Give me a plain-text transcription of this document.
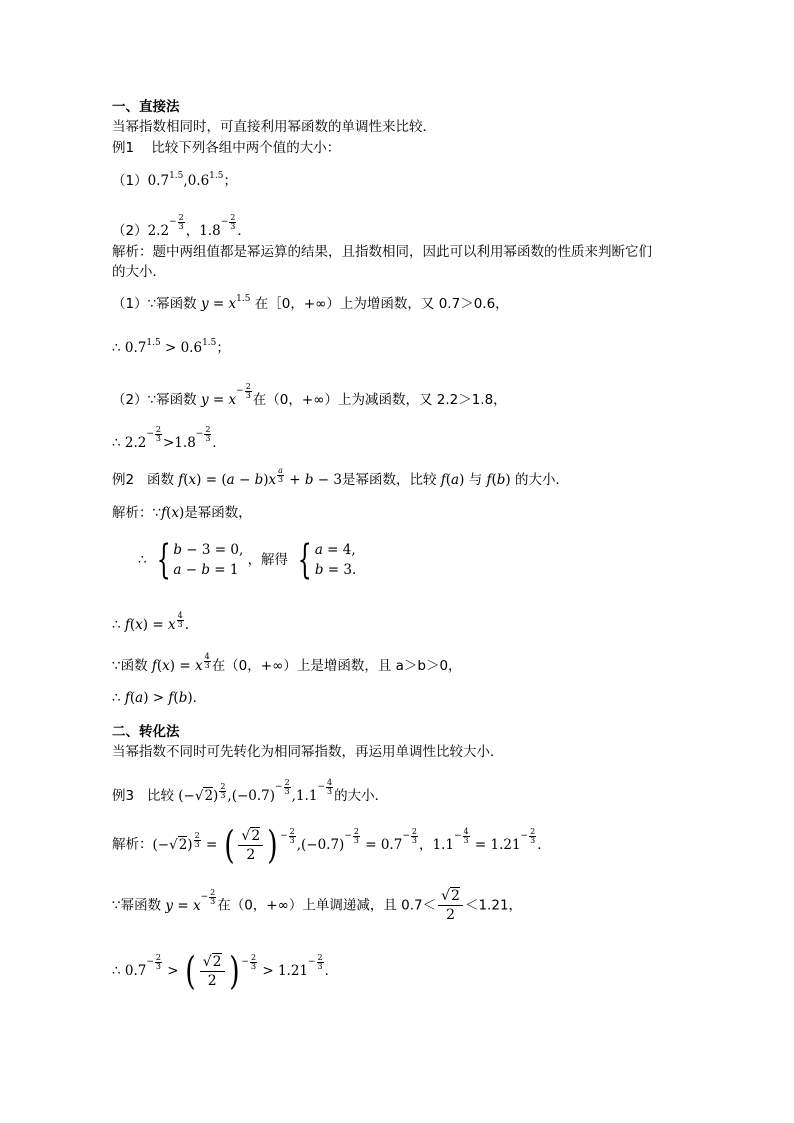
一、直接法
当幂指数相同时，可直接利用幂函数的单调性来比较．
例1 比较下列各组中两个值的大小：
$(1)0.7^{1.5},0.6^{1.5}$；
$(2)2.2- \frac{2}{3}$ ，$1.8- \frac{2}{3}$ ．
解析：题中两组值都是幂运算的结果，且指数相同，因此可以利用幂函数的性质来判断它们
的大小．
（1）∵幂函数 $y = x^{1.5}$ 在［0，+∞）上为增函数，又 0.7＞0.6，
∴ $0.7^{1.5} > 0.6^{1.5}$；
（2）∵幂函数 $y = x- \frac{2}{3}$ 在（0，+∞）上为减函数，又 2.2＞1.8，
∴ $2.2- \frac{2}{3} >1.8- \frac{2}{3}$ ．
例2 函数 $f(x) = (a - b)x \frac{a}{3} + b - 3$是幂函数，比较 f(a) 与 f(b) 的大小．
解析：∵f(x)是幂函数，
∴ { b − 3 = 0,
a − b = 1
，解得 { a = 4,
b = 3.
∴ f(x) = x $\frac{4}{3}$ ．
∵函数 f(x) = x $\frac{4}{3}$ 在（0，+∞）上是增函数，且 a＞b＞0，
∴ f(a) > f(b)．
二、转化法
当幂指数不同时可先转化为相同幂指数，再运用单调性比较大小．
例3 比较 $(-√2) \frac{2}{3} ,(-0.7)- \frac{2}{3} ,1.1- \frac{4}{3}$ 的大小．
解析：$(-√2) \frac{2}{3}$ = ( $\frac{√2}{2}$ ) − $\frac{2}{3} ,(-0.7)- \frac{2}{3} = 0.7- \frac{2}{3}$ ，$1.1- \frac{4}{3} = 1.21- \frac{2}{3}$ ．
∵幂函数 $y = x- \frac{2}{3}$ 在（0，+∞）上单调递减，且 $0.7< \frac{√2}{2} <1.21$，
∴ $0.7- \frac{2}{3}$ > ( $\frac{√2}{2}$ ) − $\frac{2}{3} > 1.21- \frac{2}{3}$ ．
